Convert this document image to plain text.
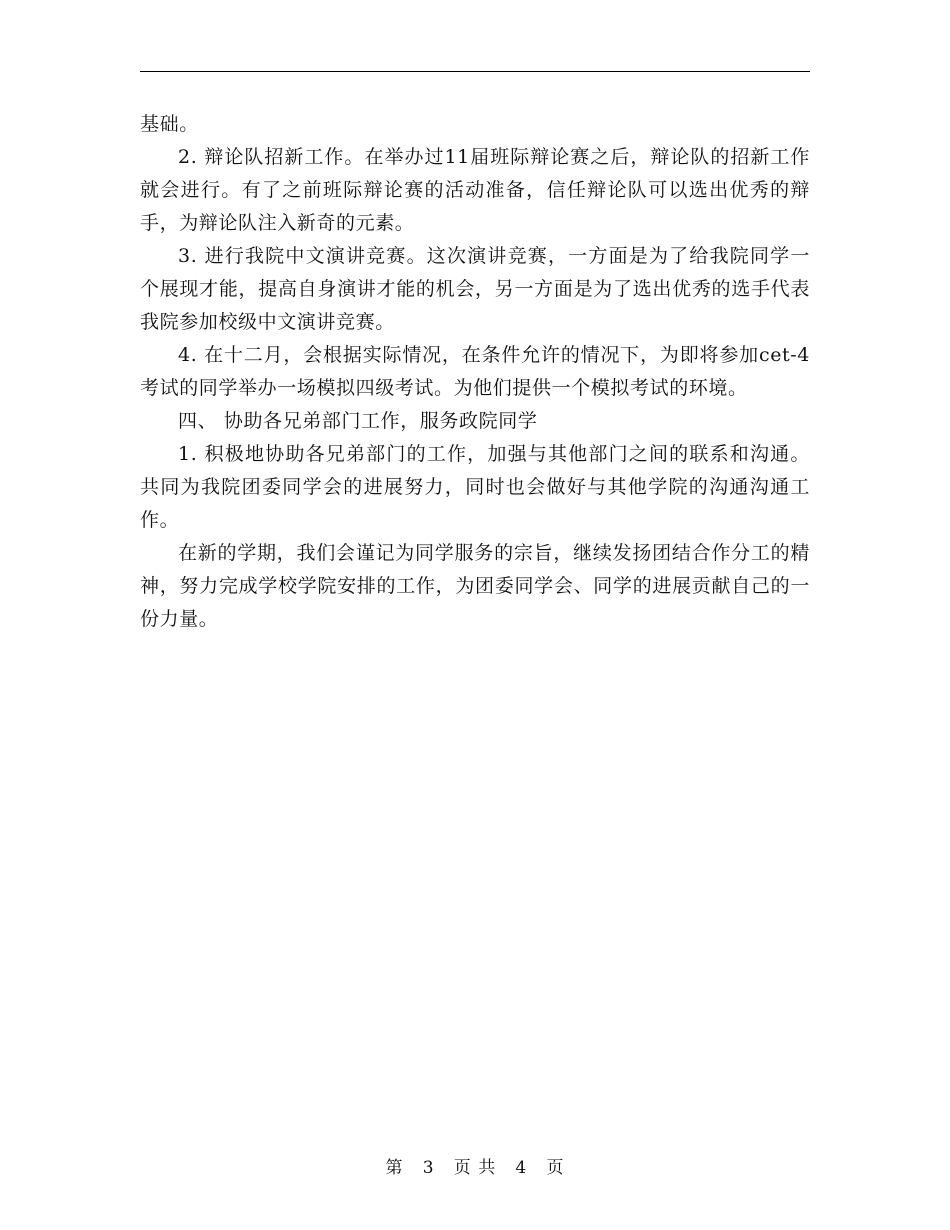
基础。

2. 辩论队招新工作。在举办过11届班际辩论赛之后，辩论队的招新工作就会进行。有了之前班际辩论赛的活动准备，信任辩论队可以选出优秀的辩手，为辩论队注入新奇的元素。

3. 进行我院中文演讲竞赛。这次演讲竞赛，一方面是为了给我院同学一个展现才能，提高自身演讲才能的机会，另一方面是为了选出优秀的选手代表我院参加校级中文演讲竞赛。

4. 在十二月，会根据实际情况，在条件允许的情况下，为即将参加cet-4考试的同学举办一场模拟四级考试。为他们提供一个模拟考试的环境。

四、 协助各兄弟部门工作，服务政院同学

1. 积极地协助各兄弟部门的工作，加强与其他部门之间的联系和沟通。共同为我院团委同学会的进展努力，同时也会做好与其他学院的沟通沟通工作。

在新的学期，我们会谨记为同学服务的宗旨，继续发扬团结合作分工的精神，努力完成学校学院安排的工作，为团委同学会、同学的进展贡献自己的一份力量。

第 3 页 共 4 页
